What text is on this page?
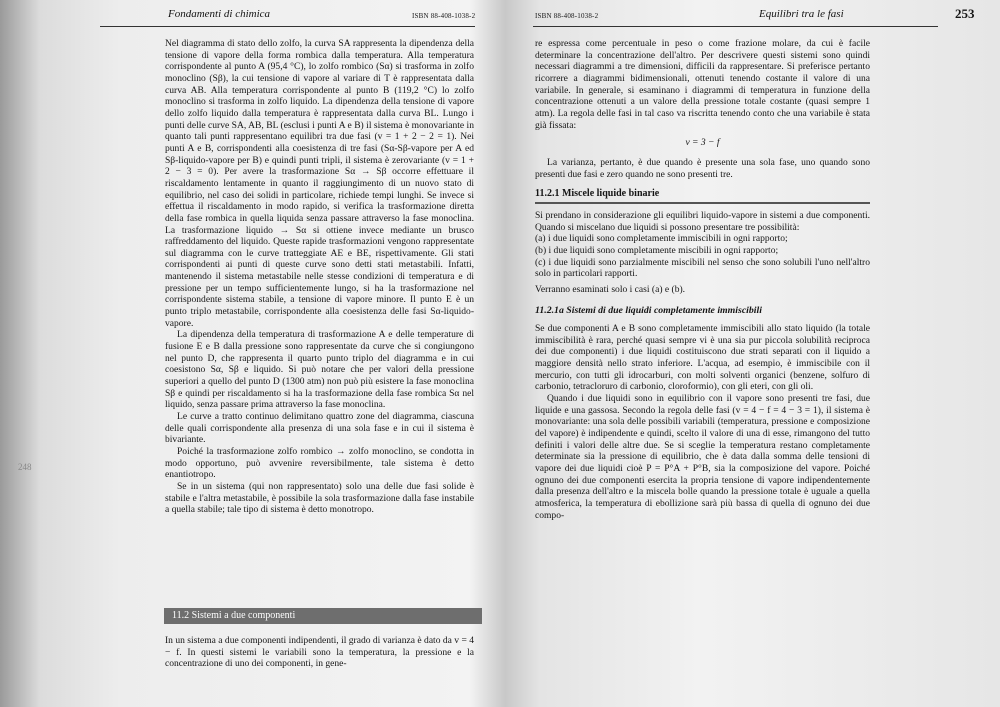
Fondamenti di chimica	ISBN 88-408-1038-2
248

Nel diagramma di stato dello zolfo, la curva SA rappresenta la dipendenza della tensione di vapore della forma rombica dalla temperatura. Alla temperatura corrispondente al punto A (95,4 °C), lo zolfo rombico (Sα) si trasforma in zolfo monoclino (Sβ), la cui tensione di vapore al variare di T è rappresentata dalla curva AB. Alla temperatura corrispondente al punto B (119,2 °C) lo zolfo monoclino si trasforma in zolfo liquido. La dipendenza della tensione di vapore dello zolfo liquido dalla temperatura è rappresentata dalla curva BL. Lungo i punti delle curve SA, AB, BL (esclusi i punti A e B) il sistema è monovariante in quanto tali punti rappresentano equilibri tra due fasi (v = 1 + 2 − 2 = 1). Nei punti A e B, corrispondenti alla coesistenza di tre fasi (Sα-Sβ-vapore per A ed Sβ-liquido-vapore per B) e quindi punti tripli, il sistema è zerovariante (v = 1 + 2 − 3 = 0). Per avere la trasformazione Sα → Sβ occorre effettuare il riscaldamento lentamente in quanto il raggiungimento di un nuovo stato di equilibrio, nel caso dei solidi in particolare, richiede tempi lunghi. Se invece si effettua il riscaldamento in modo rapido, si verifica la trasformazione diretta della fase rombica in quella liquida senza passare attraverso la fase monoclina. La trasformazione liquido → Sα si ottiene invece mediante un brusco raffreddamento del liquido. Queste rapide trasformazioni vengono rappresentate sul diagramma con le curve tratteggiate AE e BE, rispettivamente. Gli stati corrispondenti ai punti di queste curve sono detti stati metastabili. Infatti, mantenendo il sistema metastabile nelle stesse condizioni di temperatura e di pressione per un tempo sufficientemente lungo, si ha la trasformazione nel corrispondente sistema stabile, a tensione di vapore minore. Il punto E è un punto triplo metastabile, corrispondente alla coesistenza delle fasi Sα-liquido-vapore.

La dipendenza della temperatura di trasformazione A e delle temperature di fusione E e B dalla pressione sono rappresentate da curve che si congiungono nel punto D, che rappresenta il quarto punto triplo del diagramma e in cui coesistono Sα, Sβ e liquido. Si può notare che per valori della pressione superiori a quello del punto D (1300 atm) non può più esistere la fase monoclina Sβ e quindi per riscaldamento si ha la trasformazione della fase rombica Sα nel liquido, senza passare prima attraverso la fase monoclina.

Le curve a tratto continuo delimitano quattro zone del diagramma, ciascuna delle quali corrispondente alla presenza di una sola fase e in cui il sistema è bivariante.

Poiché la trasformazione zolfo rombico → zolfo monoclino, se condotta in modo opportuno, può avvenire reversibilmente, tale sistema è detto enantiotropo.

Se in un sistema (qui non rappresentato) solo una delle due fasi solide è stabile e l'altra metastabile, è possibile la sola trasformazione dalla fase instabile a quella stabile; tale tipo di sistema è detto monotropo.

11.2 Sistemi a due componenti

In un sistema a due componenti indipendenti, il grado di varianza è dato da v = 4 − f. In questi sistemi le variabili sono la temperatura, la pressione e la concentrazione di uno dei componenti, in gene-

ISBN 88-408-1038-2	Equilibri tra le fasi	253

re espressa come percentuale in peso o come frazione molare, da cui è facile determinare la concentrazione dell'altro. Per descrivere questi sistemi sono quindi necessari diagrammi a tre dimensioni, difficili da rappresentare. Si preferisce pertanto ricorrere a diagrammi bidimensionali, ottenuti tenendo costante il valore di una variabile. In generale, si esaminano i diagrammi di temperatura in funzione della concentrazione ottenuti a un valore della pressione totale costante (quasi sempre 1 atm). La regola delle fasi in tal caso va riscritta tenendo conto che una variabile è stata già fissata:

v = 3 − f

La varianza, pertanto, è due quando è presente una sola fase, uno quando sono presenti due fasi e zero quando ne sono presenti tre.

11.2.1 Miscele liquide binarie

Si prendano in considerazione gli equilibri liquido-vapore in sistemi a due componenti. Quando si miscelano due liquidi si possono presentare tre possibilità:

(a) i due liquidi sono completamente immiscibili in ogni rapporto;

(b) i due liquidi sono completamente miscibili in ogni rapporto;

(c) i due liquidi sono parzialmente miscibili nel senso che sono solubili l'uno nell'altro solo in particolari rapporti.

Verranno esaminati solo i casi (a) e (b).

11.2.1a Sistemi di due liquidi completamente immiscibili

Se due componenti A e B sono completamente immiscibili allo stato liquido (la totale immiscibilità è rara, perché quasi sempre vi è una sia pur piccola solubilità reciproca dei due componenti) i due liquidi costituiscono due strati separati con il liquido a maggiore densità nello strato inferiore. L'acqua, ad esempio, è immiscibile con il mercurio, con tutti gli idrocarburi, con molti solventi organici (benzene, solfuro di carbonio, tetracloruro di carbonio, cloroformio), con gli eteri, con gli oli.

Quando i due liquidi sono in equilibrio con il vapore sono presenti tre fasi, due liquide e una gassosa. Secondo la regola delle fasi (v = 4 − f = 4 − 3 = 1), il sistema è monovariante: una sola delle possibili variabili (temperatura, pressione e composizione del vapore) è indipendente e quindi, scelto il valore di una di esse, rimangono del tutto definiti i valori delle altre due. Se si sceglie la temperatura restano completamente determinate sia la pressione di equilibrio, che è data dalla somma delle tensioni di vapore dei due liquidi cioè P = P°A + P°B, sia la composizione del vapore. Poiché ognuno dei due componenti esercita la propria tensione di vapore indipendentemente dalla presenza dell'altro e la miscela bolle quando la pressione totale è uguale a quella atmosferica, la temperatura di ebollizione sarà più bassa di quella di ognuno dei due compo-
